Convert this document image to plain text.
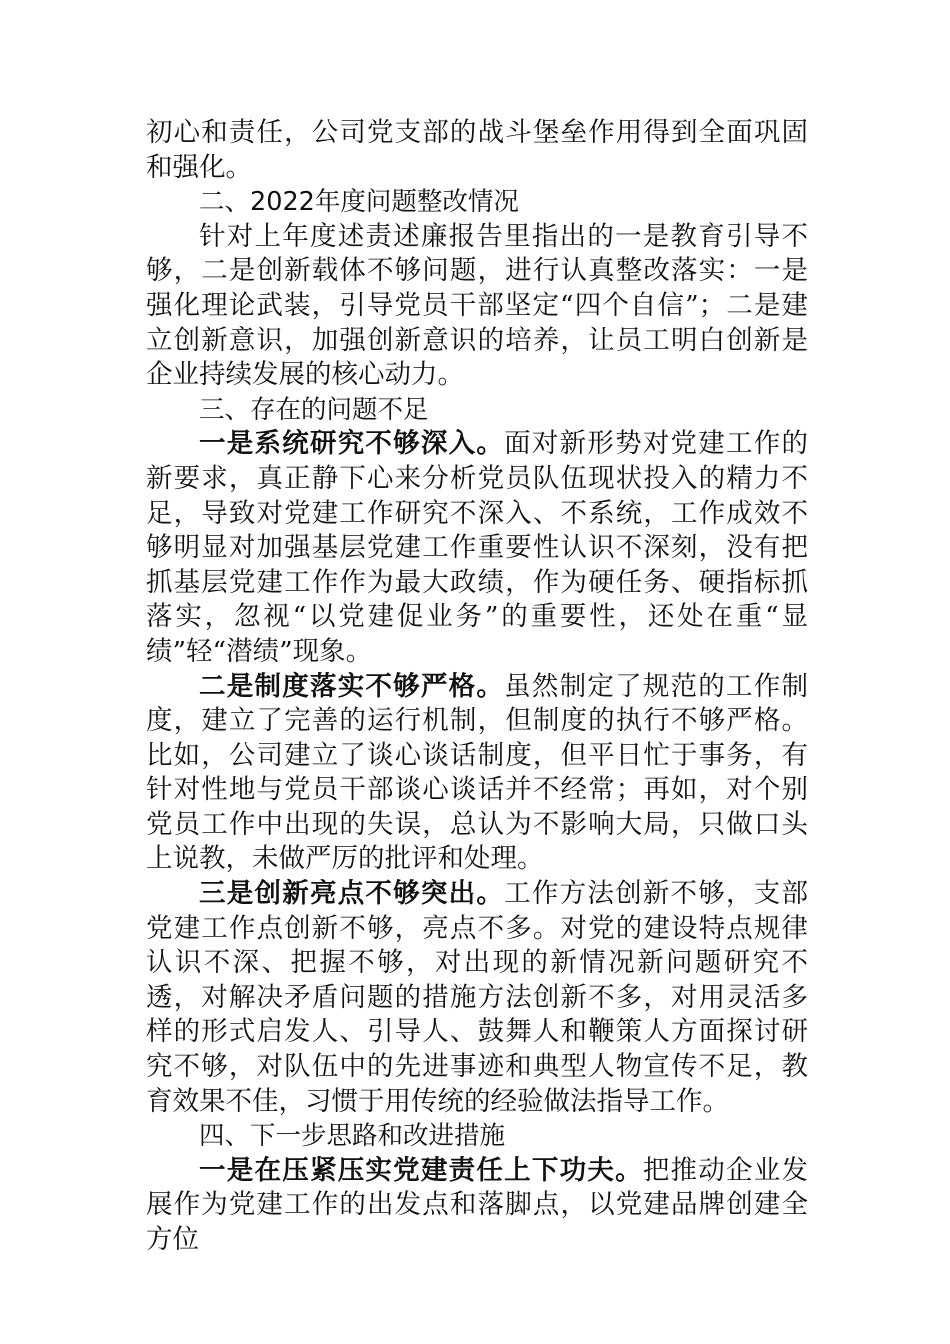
初心和责任，公司党支部的战斗堡垒作用得到全面巩固和强化。

二、2022年度问题整改情况

针对上年度述责述廉报告里指出的一是教育引导不够，二是创新载体不够问题，进行认真整改落实：一是强化理论武装，引导党员干部坚定“四个自信”；二是建立创新意识，加强创新意识的培养，让员工明白创新是企业持续发展的核心动力。

三、存在的问题不足

一是系统研究不够深入。面对新形势对党建工作的新要求，真正静下心来分析党员队伍现状投入的精力不足，导致对党建工作研究不深入、不系统，工作成效不够明显对加强基层党建工作重要性认识不深刻，没有把抓基层党建工作作为最大政绩，作为硬任务、硬指标抓落实，忽视“以党建促业务”的重要性，还处在重“显绩”轻“潜绩”现象。

二是制度落实不够严格。虽然制定了规范的工作制度，建立了完善的运行机制，但制度的执行不够严格。比如，公司建立了谈心谈话制度，但平日忙于事务，有针对性地与党员干部谈心谈话并不经常；再如，对个别党员工作中出现的失误，总认为不影响大局，只做口头上说教，未做严厉的批评和处理。

三是创新亮点不够突出。工作方法创新不够，支部党建工作点创新不够，亮点不多。对党的建设特点规律认识不深、把握不够，对出现的新情况新问题研究不透，对解决矛盾问题的措施方法创新不多，对用灵活多样的形式启发人、引导人、鼓舞人和鞭策人方面探讨研究不够，对队伍中的先进事迹和典型人物宣传不足，教育效果不佳，习惯于用传统的经验做法指导工作。

四、下一步思路和改进措施

一是在压紧压实党建责任上下功夫。把推动企业发展作为党建工作的出发点和落脚点，以党建品牌创建全方位
